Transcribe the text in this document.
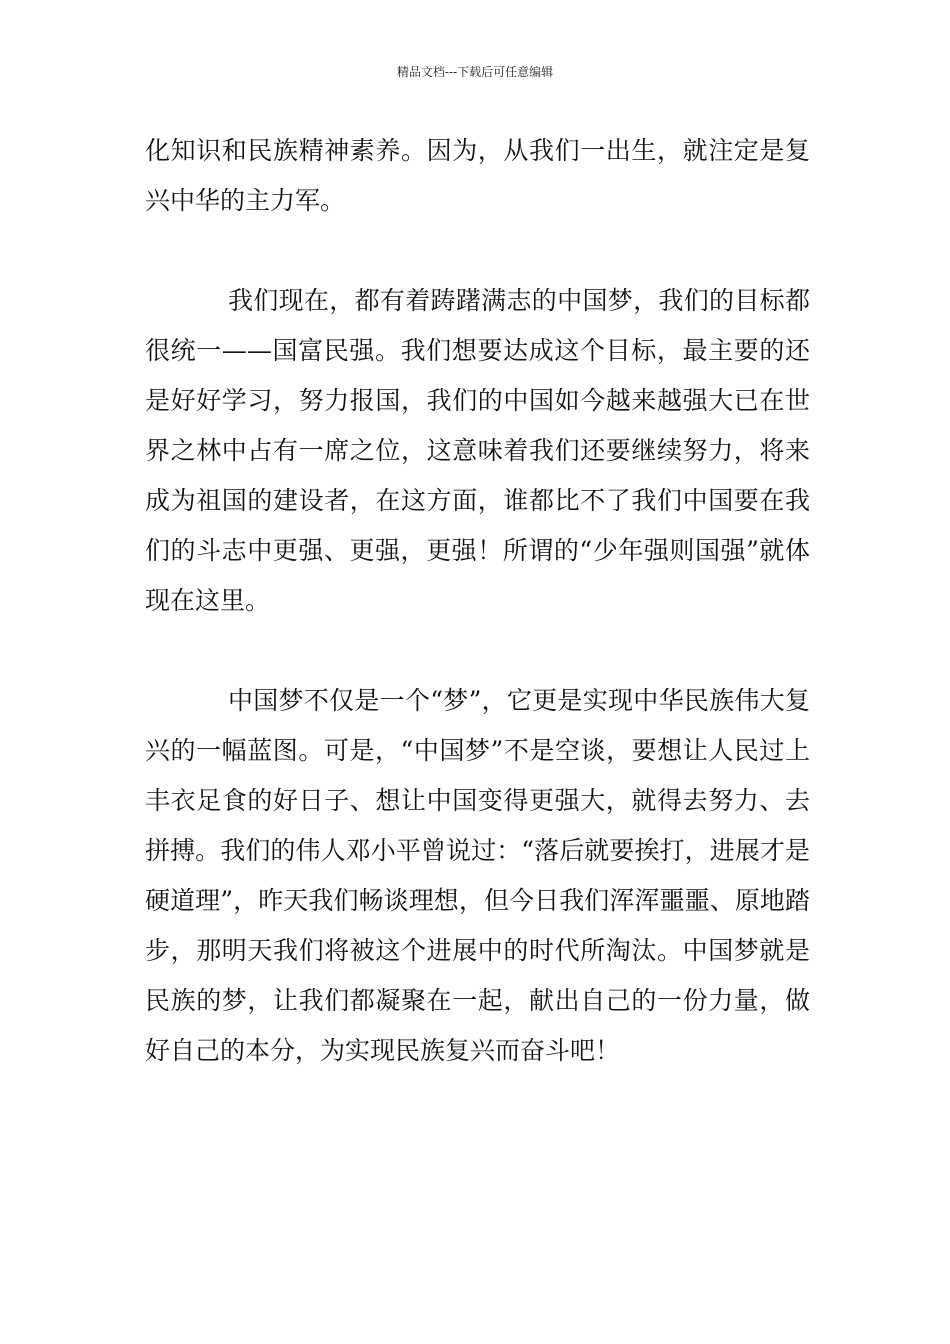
精品文档---下载后可任意编辑

化知识和民族精神素养。因为，从我们一出生，就注定是复兴中华的主力军。

我们现在，都有着踌躇满志的中国梦，我们的目标都很统一——国富民强。我们想要达成这个目标，最主要的还是好好学习，努力报国，我们的中国如今越来越强大已在世界之林中占有一席之位，这意味着我们还要继续努力，将来成为祖国的建设者，在这方面，谁都比不了我们中国要在我们的斗志中更强、更强，更强！所谓的“少年强则国强”就体现在这里。

中国梦不仅是一个“梦”，它更是实现中华民族伟大复兴的一幅蓝图。可是，“中国梦”不是空谈，要想让人民过上丰衣足食的好日子、想让中国变得更强大，就得去努力、去拼搏。我们的伟人邓小平曾说过：“落后就要挨打，进展才是硬道理”，昨天我们畅谈理想，但今日我们浑浑噩噩、原地踏步，那明天我们将被这个进展中的时代所淘汰。中国梦就是民族的梦，让我们都凝聚在一起，献出自己的一份力量，做好自己的本分，为实现民族复兴而奋斗吧！
